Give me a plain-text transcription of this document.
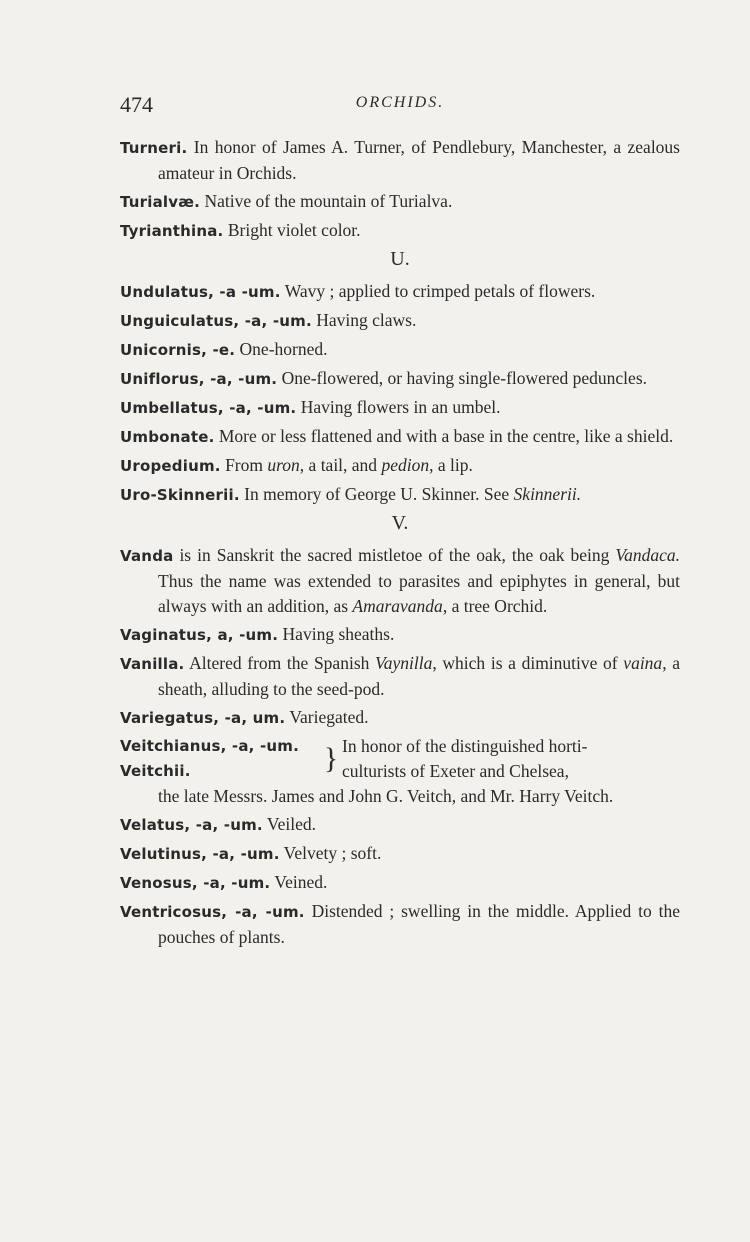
474	ORCHIDS.
Turneri. In honor of James A. Turner, of Pendlebury, Manchester, a zealous amateur in Orchids.
Turialvæ. Native of the mountain of Turialva.
Tyrianthina. Bright violet color.
U.
Undulatus, -a -um. Wavy ; applied to crimped petals of flowers.
Unguiculatus, -a, -um. Having claws.
Unicornis, -e. One-horned.
Uniflorus, -a, -um. One-flowered, or having single-flowered peduncles.
Umbellatus, -a, -um. Having flowers in an umbel.
Umbonate. More or less flattened and with a base in the centre, like a shield.
Uropedium. From uron, a tail, and pedion, a lip.
Uro-Skinnerii. In memory of George U. Skinner. See Skinnerii.
V.
Vanda is in Sanskrit the sacred mistletoe of the oak, the oak being Vandaca. Thus the name was extended to parasites and epiphytes in general, but always with an addition, as Amaravanda, a tree Orchid.
Vaginatus, a, -um. Having sheaths.
Vanilla. Altered from the Spanish Vaynilla, which is a diminutive of vaina, a sheath, alluding to the seed-pod.
Variegatus, -a, um. Variegated.
Veitchianus, -a, -um.
Veitchii.	} In honor of the distinguished horti-
culturists of Exeter and Chelsea,
the late Messrs. James and John G. Veitch, and Mr. Harry Veitch.
Velatus, -a, -um. Veiled.
Velutinus, -a, -um. Velvety ; soft.
Venosus, -a, -um. Veined.
Ventricosus, -a, -um. Distended ; swelling in the middle. Applied to the pouches of plants.
